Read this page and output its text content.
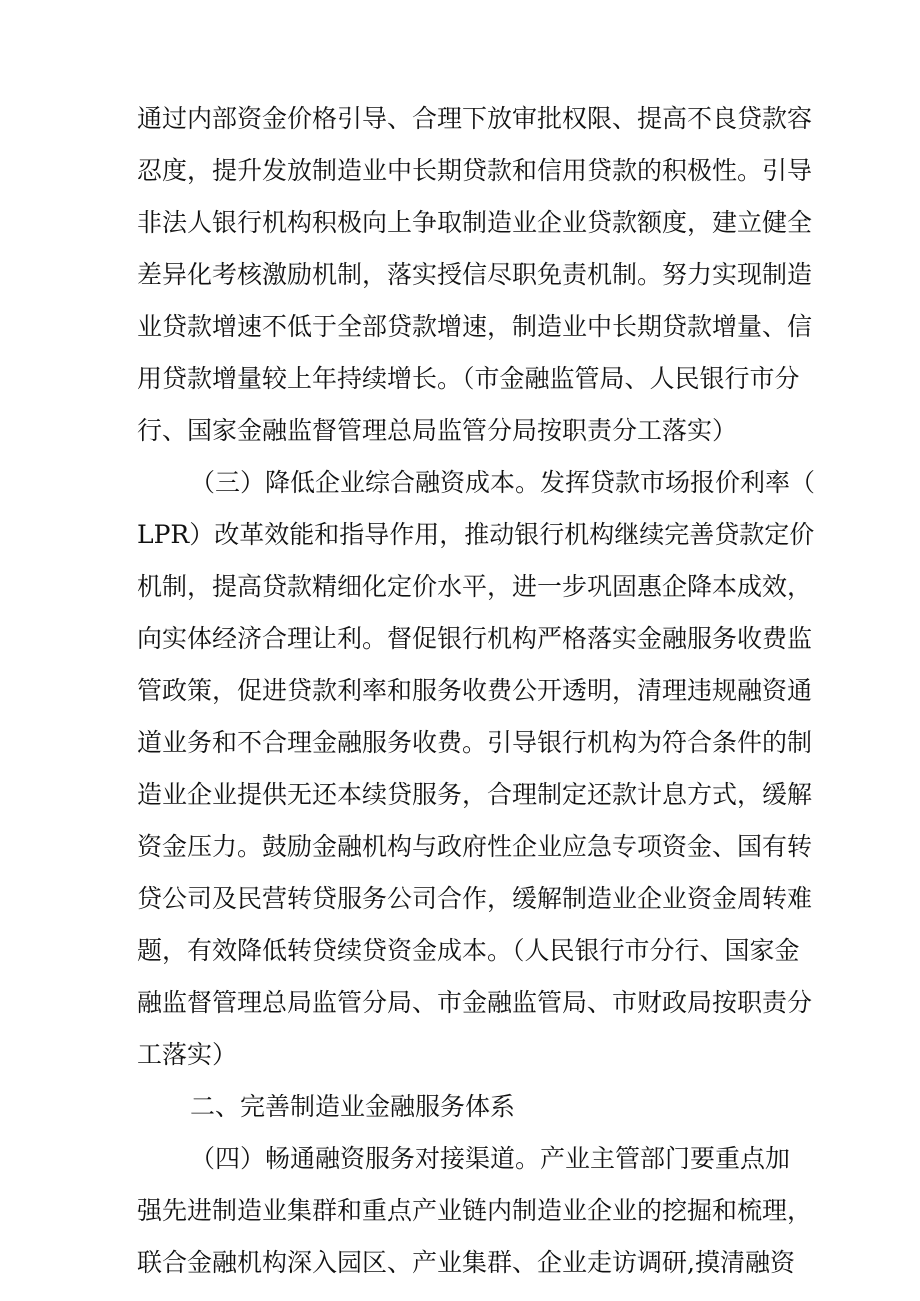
通过内部资金价格引导、合理下放审批权限、提高不良贷款容
忍度，提升发放制造业中长期贷款和信用贷款的积极性。引导
非法人银行机构积极向上争取制造业企业贷款额度，建立健全
差异化考核激励机制，落实授信尽职免责机制。努力实现制造
业贷款增速不低于全部贷款增速，制造业中长期贷款增量、信
用贷款增量较上年持续增长。（市金融监管局、人民银行市分
行、国家金融监督管理总局监管分局按职责分工落实）
（三）降低企业综合融资成本。发挥贷款市场报价利率（
LPR）改革效能和指导作用，推动银行机构继续完善贷款定价
机制，提高贷款精细化定价水平，进一步巩固惠企降本成效，
向实体经济合理让利。督促银行机构严格落实金融服务收费监
管政策，促进贷款利率和服务收费公开透明，清理违规融资通
道业务和不合理金融服务收费。引导银行机构为符合条件的制
造业企业提供无还本续贷服务，合理制定还款计息方式，缓解
资金压力。鼓励金融机构与政府性企业应急专项资金、国有转
贷公司及民营转贷服务公司合作，缓解制造业企业资金周转难
题，有效降低转贷续贷资金成本。（人民银行市分行、国家金
融监督管理总局监管分局、市金融监管局、市财政局按职责分
工落实）
二、完善制造业金融服务体系
（四）畅通融资服务对接渠道。产业主管部门要重点加
强先进制造业集群和重点产业链内制造业企业的挖掘和梳理，
联合金融机构深入园区、产业集群、企业走访调研,摸清融资
